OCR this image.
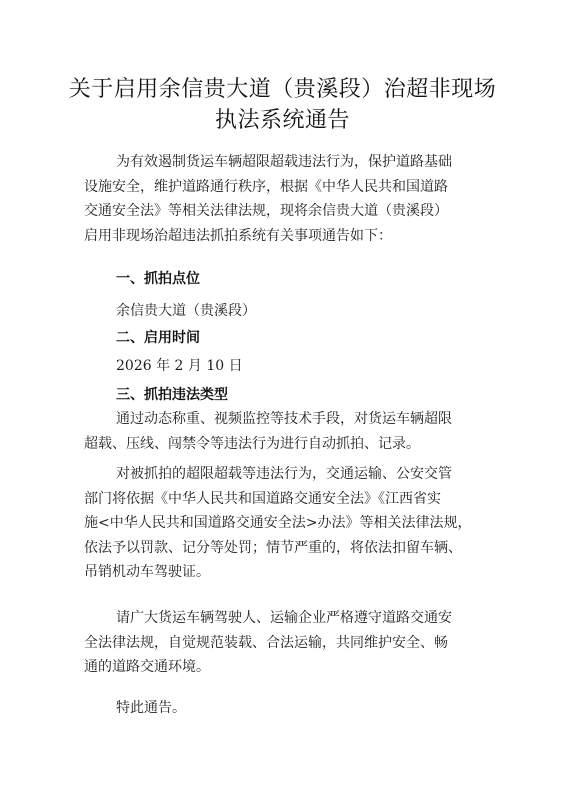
关于启用余信贵大道（贵溪段）治超非现场
执法系统通告
为有效遏制货运车辆超限超载违法行为，保护道路基础
设施安全，维护道路通行秩序，根据《中华人民共和国道路
交通安全法》等相关法律法规，现将余信贵大道（贵溪段）
启用非现场治超违法抓拍系统有关事项通告如下：
一、抓拍点位
余信贵大道（贵溪段）
二、启用时间
2026 年 2 月 10 日
三、抓拍违法类型
通过动态称重、视频监控等技术手段，对货运车辆超限
超载、压线、闯禁令等违法行为进行自动抓拍、记录。
对被抓拍的超限超载等违法行为，交通运输、公安交管
部门将依据《中华人民共和国道路交通安全法》《江西省实
施<中华人民共和国道路交通安全法>办法》等相关法律法规，
依法予以罚款、记分等处罚；情节严重的，将依法扣留车辆、
吊销机动车驾驶证。
请广大货运车辆驾驶人、运输企业严格遵守道路交通安
全法律法规，自觉规范装载、合法运输，共同维护安全、畅
通的道路交通环境。
特此通告。
